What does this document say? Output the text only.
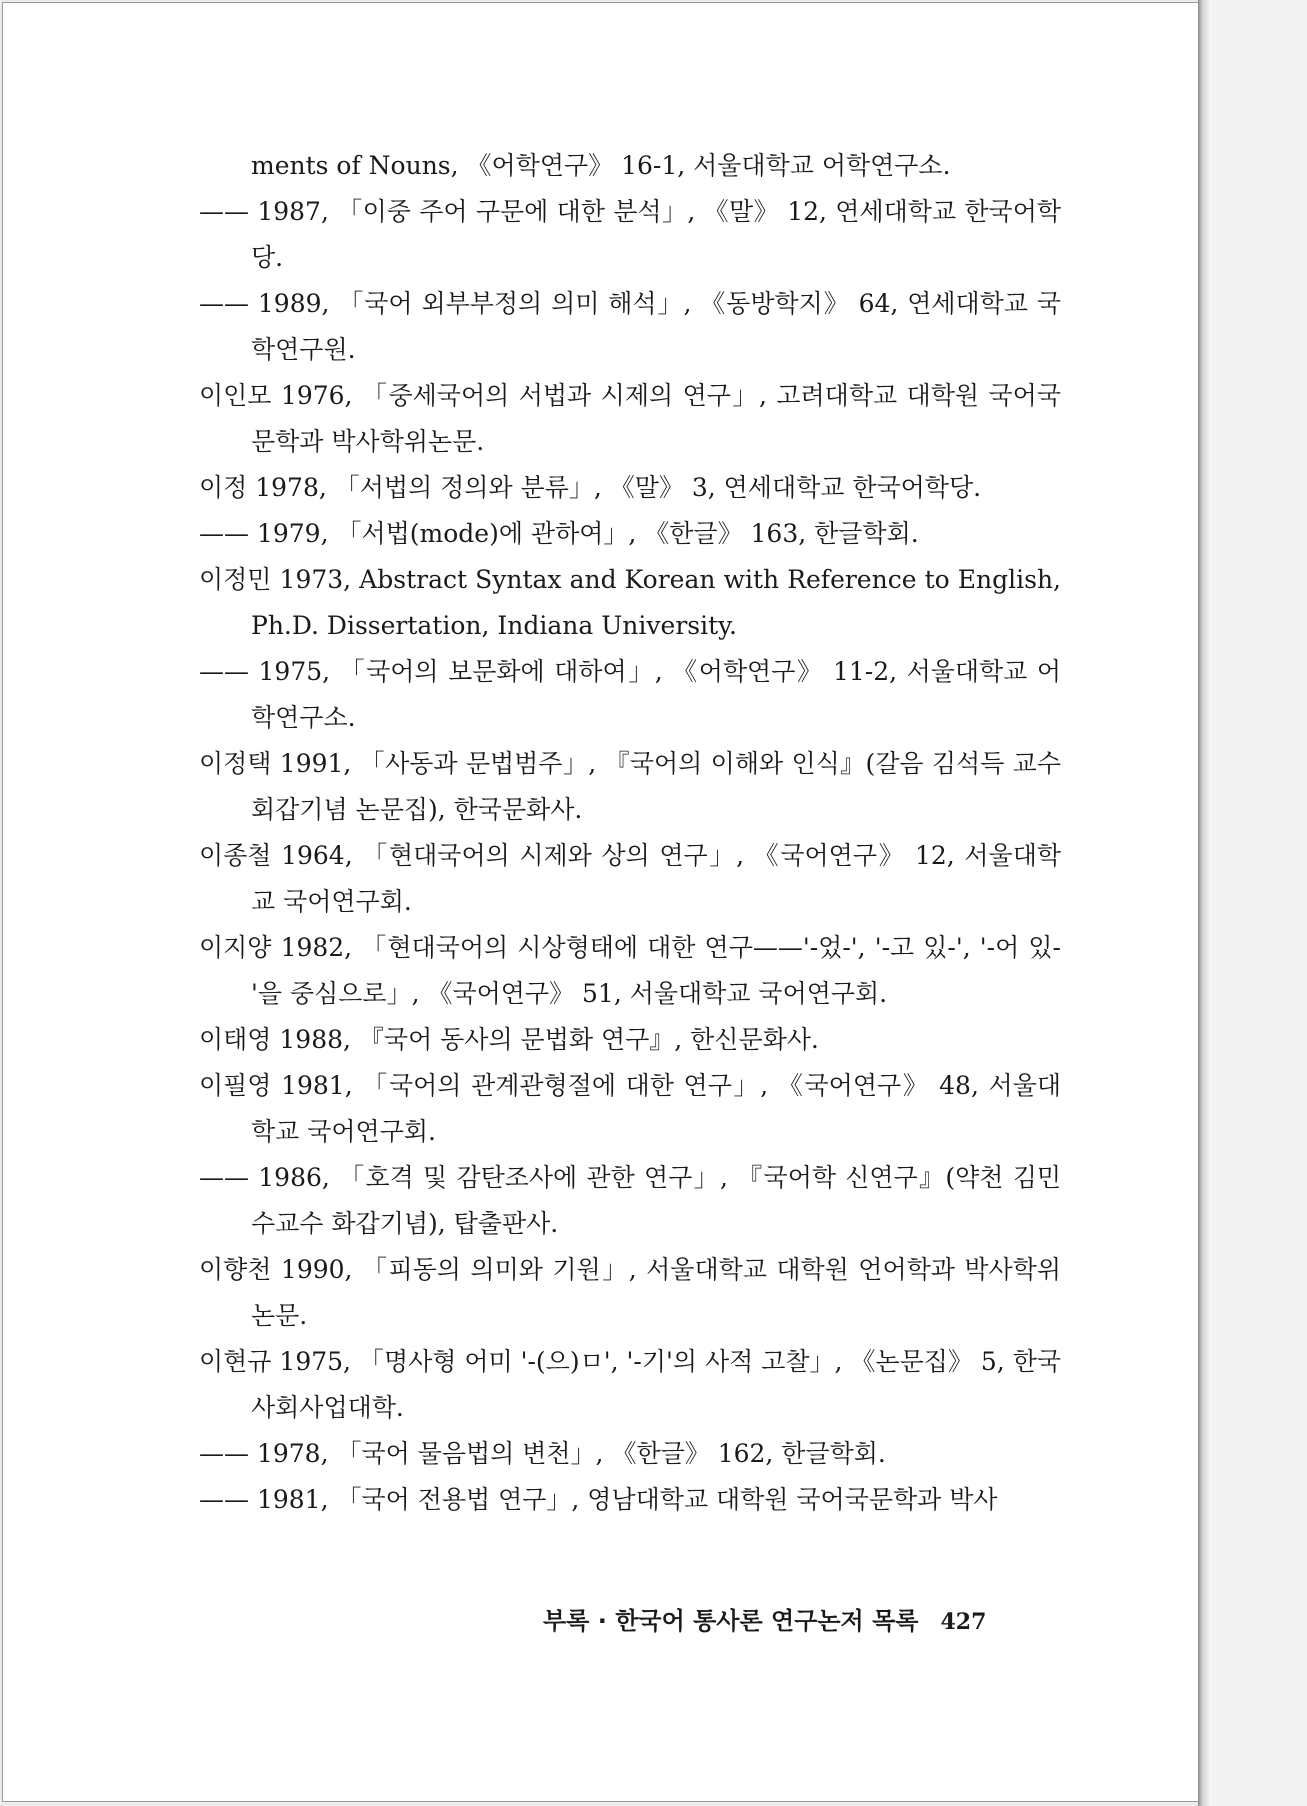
ments of Nouns, 《어학연구》 16-1, 서울대학교 어학연구소.
—— 1987, 「이중 주어 구문에 대한 분석」, 《말》 12, 연세대학교 한국어학당.
—— 1989, 「국어 외부부정의 의미 해석」, 《동방학지》 64, 연세대학교 국학연구원.
이인모 1976, 「중세국어의 서법과 시제의 연구」, 고려대학교 대학원 국어국문학과 박사학위논문.
이정 1978, 「서법의 정의와 분류」, 《말》 3, 연세대학교 한국어학당.
—— 1979, 「서법(mode)에 관하여」, 《한글》 163, 한글학회.
이정민 1973, Abstract Syntax and Korean with Reference to English, Ph.D. Dissertation, Indiana University.
—— 1975, 「국어의 보문화에 대하여」, 《어학연구》 11-2, 서울대학교 어학연구소.
이정택 1991, 「사동과 문법범주」, 『국어의 이해와 인식』(갈음 김석득 교수 회갑기념 논문집), 한국문화사.
이종철 1964, 「현대국어의 시제와 상의 연구」, 《국어연구》 12, 서울대학교 국어연구회.
이지양 1982, 「현대국어의 시상형태에 대한 연구——'-었-', '-고 있-', '-어 있-'을 중심으로」, 《국어연구》 51, 서울대학교 국어연구회.
이태영 1988, 『국어 동사의 문법화 연구』, 한신문화사.
이필영 1981, 「국어의 관계관형절에 대한 연구」, 《국어연구》 48, 서울대학교 국어연구회.
—— 1986, 「호격 및 감탄조사에 관한 연구」, 『국어학 신연구』(약천 김민수교수 화갑기념), 탑출판사.
이향천 1990, 「피동의 의미와 기원」, 서울대학교 대학원 언어학과 박사학위논문.
이현규 1975, 「명사형 어미 '-(으)ㅁ', '-기'의 사적 고찰」, 《논문집》 5, 한국사회사업대학.
—— 1978, 「국어 물음법의 변천」, 《한글》 162, 한글학회.
—— 1981, 「국어 전용법 연구」, 영남대학교 대학원 국어국문학과 박사
부록 · 한국어 통사론 연구논저 목록 427
